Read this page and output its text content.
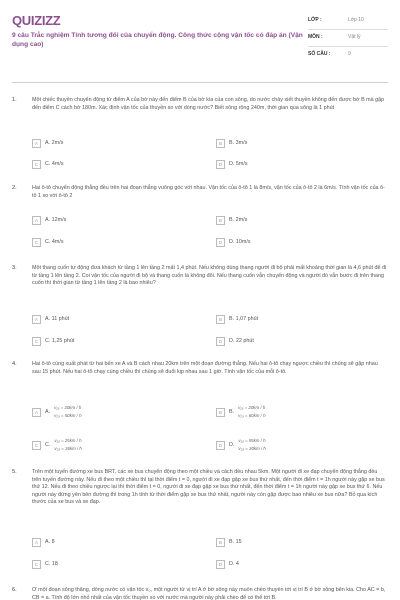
QUIZIZZ
9 câu Trắc nghiệm Tính tương đối của chuyển động. Công thức cộng vận tốc có đáp án (Vận dụng cao)
LỚP :	Lớp 10
MÔN :	Vật lý
SỐ CÂU :	9
1.	Một chiếc thuyền chuyển động từ điểm A của bờ này đến điểm B của bờ kia của con sông, do nước chảy xiết thuyền không đến được bờ B mà gặp đến điểm C cách bờ 180m. Xác định vận tốc của thuyền so với dòng nước? Biết sông rộng 240m, thời gian qua sông là 1 phút
A	A. 2m/s	B	B. 3m/s
C	C. 4m/s	D	D. 5m/s
2.	Hai ô-tô chuyển động thẳng đều trên hai đoạn thẳng vuông góc với nhau. Vận tốc của ô-tô 1 là 8m/s, vận tốc của ô-tô 2 là 6m/s. Tính vận tốc của ô-tô 1 so với ô-tô 2
A	A. 12m/s	B	B. 2m/s
C	C. 4m/s	D	D. 10m/s
3.	Một thang cuốn tự động đưa khách từ tầng 1 lên tầng 2 mất 1,4 phút. Nếu không dùng thang người đi bộ phải mất khoảng thời gian là 4,6 phút để đi từ tầng 1 lên tầng 2. Coi vận tốc của người đi bộ và thang cuốn là không đổi. Nếu thang cuốn vẫn chuyển động và người đó vẫn bước đi trên thang cuốn thì thời gian từ tầng 1 lên tầng 2 là bao nhiêu?
A	A. 11 phút	B	B. 1,07 phút
C	C. 1,25 phút	D	D. 22 phút
4.	Hai ô-tô cùng xuất phát từ hai bến xe A và B cách nhau 20km trên một đoạn đường thẳng. Nếu hai ô-tô chạy ngược chiều thì chúng sẽ gặp nhau sau 15 phút. Nếu hai ô-tô chạy cùng chiều thì chúng sẽ đuổi kịp nhau sau 1 giờ. Tính vận tốc của mỗi ô-tô.
A	A.
v₁₃ = 30km / h
v₂₃ = 50km / h
B	B.
v₁₃ = 20km / h
v₂₃ = 60km / h
C	C.
v₁₃ = 25km / h
v₂₃ = 36km / h
D	D.
v₁₃ = 55km / h
v₂₃ = 30km / h
5.	Trên một tuyến đường xe bus BRT, các xe bus chuyển động theo một chiều và cách đều nhau 5km. Một người đi xe đạp chuyển động thẳng đều trên tuyến đường này. Nếu đi theo một chiều thì tại thời điểm t = 0, người đi xe đạp gặp xe bus thứ nhất, đến thời điểm t = 1h người này gặp xe bus thứ 12. Nếu đi theo chiều ngược lại thì thời điểm t = 0, người đi xe đạp gặp xe bus thứ nhất, đến thời điểm t = 1h người này gặp xe bus thứ 6. Nếu người này đứng yên bên đường thì trong 1h tính từ thời điểm gặp xe bus thứ nhất, người này còn gặp được bao nhiêu xe bus nữa? Bỏ qua kích thước của xe bus và xe đạp.
A	A. 8	B	B. 15
C	C. 18	D	D. 4
6.	Ở một đoạn sông thẳng, dòng nước có vận tốc v₀, một người từ vị trí A ở bờ sông này muốn chèo thuyền tới vị trí B ở bờ sông bên kia. Cho AC = b, CB = a. Tính độ lớn nhỏ nhất của vận tốc thuyền so với nước mà người này phải chèo để có thể tới B.
